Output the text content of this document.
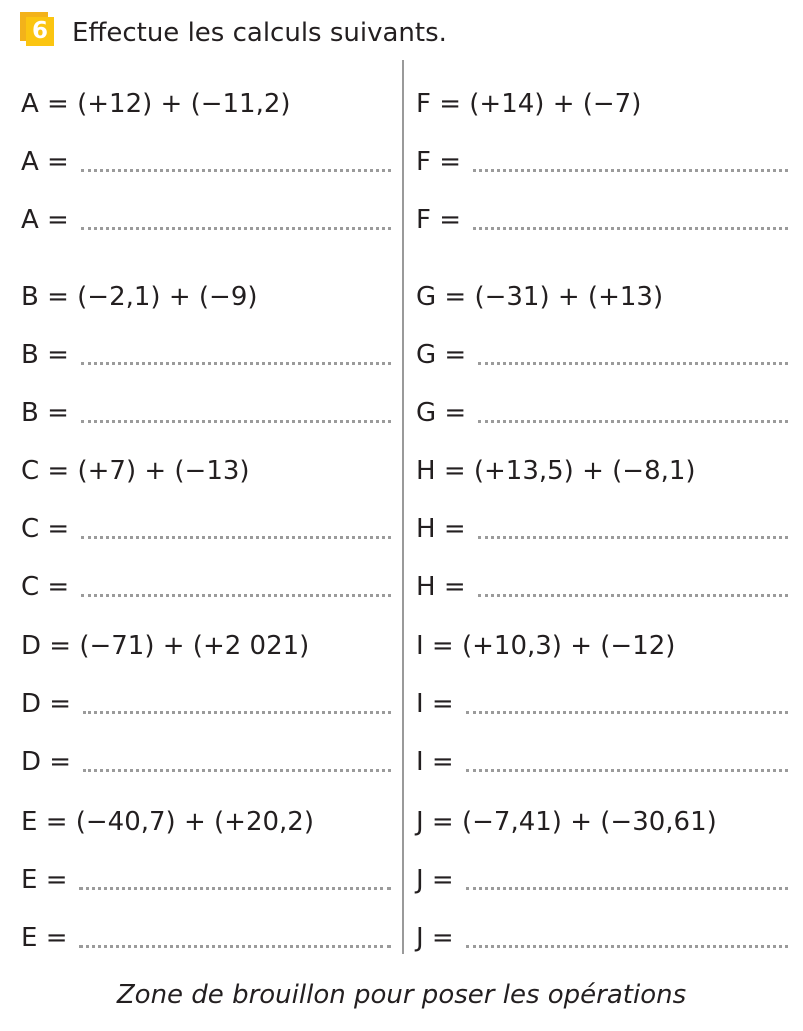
6 Effectue les calculs suivants.
A = (+12) + (−11,2)
A =
A =
B = (−2,1) + (−9)
B =
B =
C = (+7) + (−13)
C =
C =
D = (−71) + (+2 021)
D =
D =
E = (−40,7) + (+20,2)
E =
E =
F = (+14) + (−7)
F =
F =
G = (−31) + (+13)
G =
G =
H = (+13,5) + (−8,1)
H =
H =
I = (+10,3) + (−12)
I =
I =
J = (−7,41) + (−30,61)
J =
J =
Zone de brouillon pour poser les opérations
